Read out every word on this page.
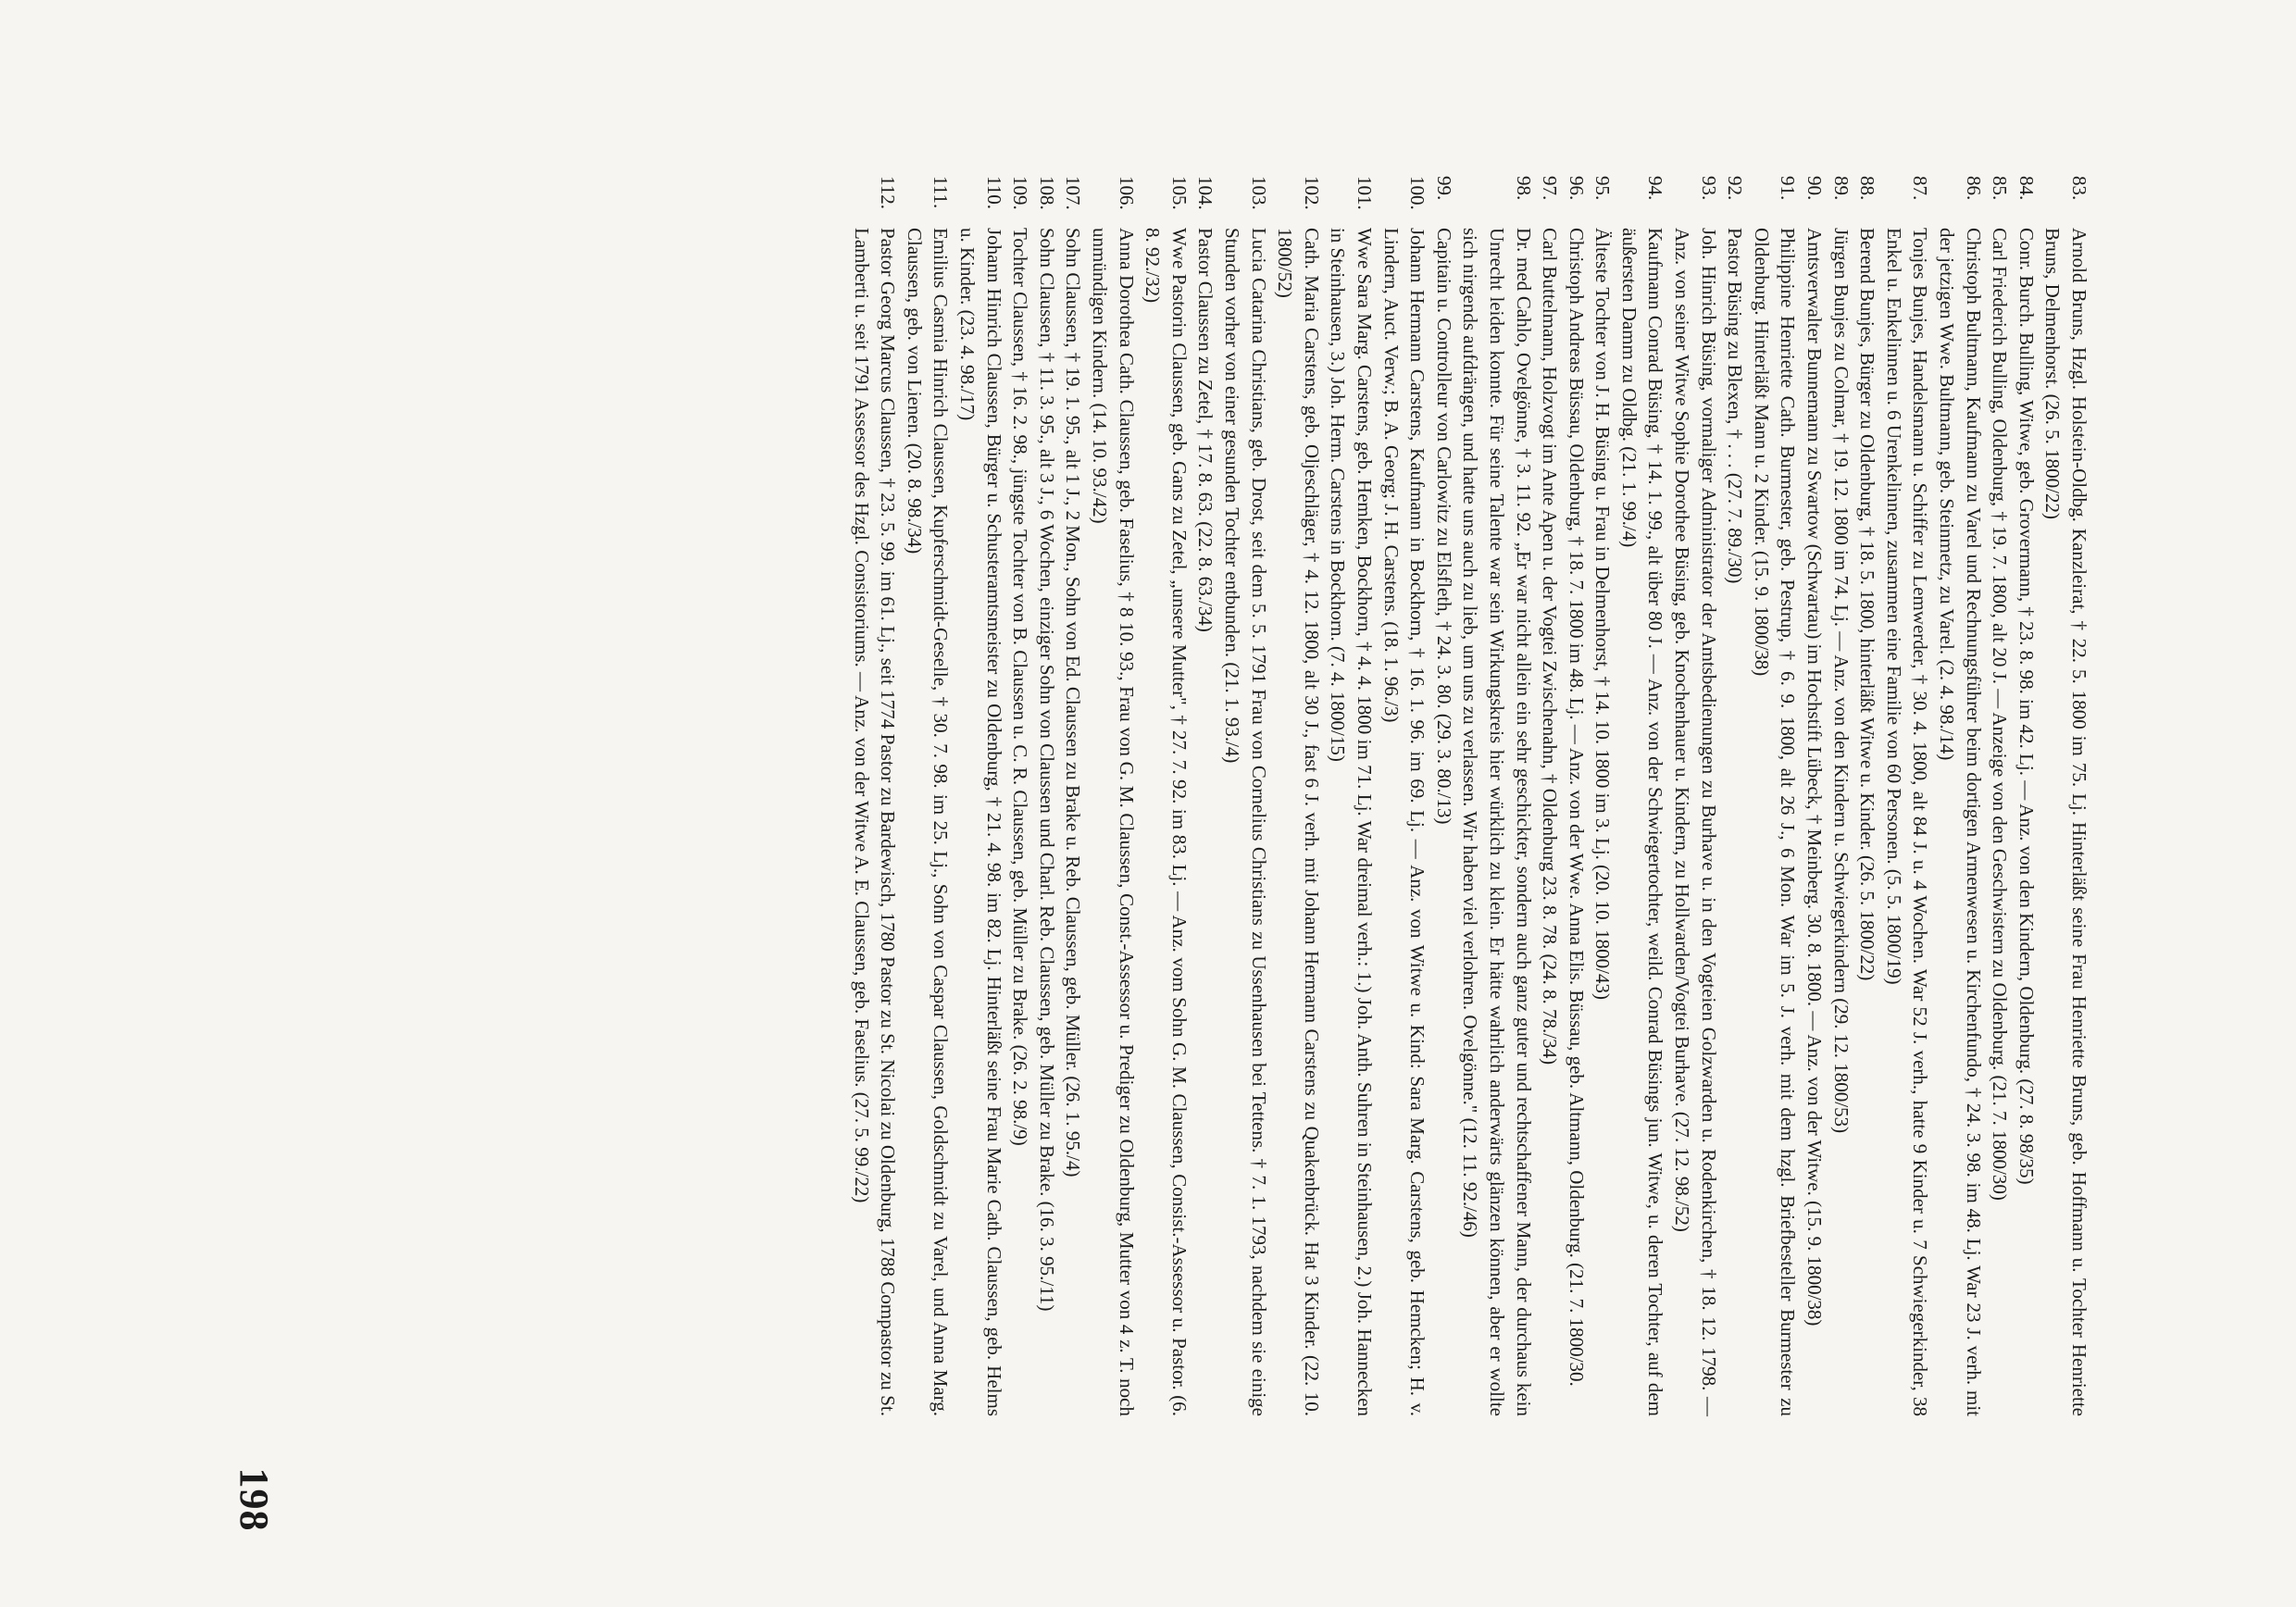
83.
Arnold Bruns, Hzgl. Holstein-Oldbg. Kanzleirat, † 22. 5. 1800 im 75. Lj. Hinterläßt seine Frau Henriette Bruns, geb. Hoffmann u. Tochter Henriette Bruns, Delmenhorst. (26. 5. 1800/22)
84.
Conr. Burch. Bulling, Witwe, geb. Grovermann, † 23. 8. 98. im 42. Lj. — Anz. von den Kindern, Oldenburg. (27. 8. 98/35)
85.
Carl Friederich Bulling, Oldenburg, † 19. 7. 1800, alt 20 J. — Anzeige von den Geschwistern zu Oldenburg. (21. 7. 1800/30)
86.
Christoph Bultmann, Kaufmann zu Varel und Rechnungsführer beim dortigen Armenwesen u. Kirchenfundo, † 24. 3. 98. im 48. Lj. War 23 J. verh. mit der jetzigen Wwe. Bultmann, geb. Steinmetz, zu Varel. (2. 4. 98./14)
87.
Tonjes Bunjes, Handelsmann u. Schiffer zu Lemwerder, † 30. 4. 1800, alt 84 J. u. 4 Wochen. War 52 J. verh., hatte 9 Kinder u. 7 Schwiegerkinder, 38 Enkel u. Enkelinnen u. 6 Urenkelinnen, zusammen eine Familie von 60 Personen. (5. 5. 1800/19)
88.
Berend Bunjes, Bürger zu Oldenburg, † 18. 5. 1800, hinterläßt Witwe u. Kinder. (26. 5. 1800/22)
89.
Jürgen Bunjes zu Colmar, † 19. 12. 1800 im 74. Lj. — Anz. von den Kindern u. Schwiegerkindern (29. 12. 1800/53)
90.
Amtsverwalter Bunnemann zu Swartow (Schwartau) im Hochstift Lübeck, † Meinberg. 30. 8. 1800. — Anz. von der Witwe. (15. 9. 1800/38)
91.
Philippine Henriette Cath. Burmester, geb. Pestrup, † 6. 9. 1800, alt 26 J., 6 Mon. War im 5. J. verh. mit dem hzgl. Briefbesteller Burmester zu Oldenburg. Hinterläßt Mann u. 2 Kinder. (15. 9. 1800/38)
92.
Pastor Büsing zu Blexen, † . . . (27. 7. 89./30)
93.
Joh. Hinrich Büsing, vormaliger Administrator der Amtsbedienungen zu Burhave u. in den Vogteien Golzwarden u. Rodenkirchen, † 18. 12. 1798. — Anz. von seiner Witwe Sophie Dorothee Büsing, geb. Knochenhauer u. Kindern, zu Hollwarden/Vogtei Burhave. (27. 12. 98./52)
94.
Kaufmann Conrad Büsing, † 14. 1. 99., alt über 80 J. — Anz. von der Schwiegertochter, weild. Conrad Büsings jun. Witwe, u. deren Tochter, auf dem äußersten Damm zu Oldbg. (21. 1. 99./4)
95.
Älteste Tochter von J. H. Büsing u. Frau in Delmenhorst, † 14. 10. 1800 im 3. Lj. (20. 10. 1800/43)
96.
Christoph Andreas Büssau, Oldenburg, † 18. 7. 1800 im 48. Lj. — Anz. von der Wwe. Anna Elis. Büssau, geb. Altmann, Oldenburg. (21. 7. 1800/30.
97.
Carl Buttelmann, Holzvogt im Ante Apen u. der Vogtei Zwischenahn, † Oldenburg 23. 8. 78. (24. 8. 78./34)
98.
Dr. med Cahlo, Ovelgönne, † 3. 11. 92. „Er war nicht allein ein sehr geschickter, sondern auch ganz guter und rechtschaffener Mann, der durchaus kein Unrecht leiden konnte. Für seine Talente war sein Wirkungskreis hier würklich zu klein. Er hätte wahrlich anderwärts glänzen können, aber er wollte sich nirgends aufdrängen, und hatte uns auch zu lieb, um uns zu verlassen. Wir haben viel verlohren. Ovelgönne." (12. 11. 92./46)
99.
Capitain u. Controlleur von Carlowitz zu Elsfleth, † 24. 3. 80. (29. 3. 80./13)
100.
Johann Hermann Carstens, Kaufmann in Bockhorn, † 16. 1. 96. im 69. Lj. — Anz. von Witwe u. Kind: Sara Marg. Carstens, geb. Hemcken; H. v. Lindern, Auct. Verw.; B. A. Georg; J. H. Carstens. (18. 1. 96./3)
101.
Wwe Sara Marg. Carstens, geb. Hemken, Bockhorn, † 4. 4. 1800 im 71. Lj. War dreimal verh.: 1.) Joh. Anth. Suhren in Steinhausen, 2.) Joh. Hannecken in Steinhausen, 3.) Joh. Herm. Carstens in Bockhorn. (7. 4. 1800/15)
102.
Cath. Maria Carstens, geb. Oljeschläger, † 4. 12. 1800, alt 30 J., fast 6 J. verh. mit Johann Hermann Carstens zu Quakenbrück. Hat 3 Kinder. (22. 10. 1800/52)
103.
Lucia Catarina Christians, geb. Drost, seit dem 5. 5. 1791 Frau von Cornelius Christians zu Ussenhausen bei Tettens. † 7. 1. 1793, nachdem sie einige Stunden vorher von einer gesunden Tochter entbunden. (21. 1. 93./4)
104.
Pastor Claussen zu Zetel, † 17. 8. 63. (22. 8. 63./34)
105.
Wwe Pastorin Claussen, geb. Gans zu Zetel, „unsere Mutter", † 27. 7. 92. im 83. Lj. — Anz. vom Sohn G. M. Claussen, Consist.-Assessor u. Pastor. (6. 8. 92./32)
106.
Anna Dorothea Cath. Claussen, geb. Faselius, † 8 10. 93., Frau von G. M. Claussen, Const.-Assessor u. Prediger zu Oldenburg, Mutter von 4 z. T. noch unmündigen Kindern. (14. 10. 93./42)
107.
Sohn Claussen, † 19. 1. 95., alt 1 J., 2 Mon., Sohn von Ed. Claussen zu Brake u. Reb. Claussen, geb. Müller. (26. 1. 95./4)
108.
Sohn Claussen, † 11. 3. 95., alt 3 J., 6 Wochen, einziger Sohn von Claussen und Charl. Reb. Claussen, geb. Müller zu Brake. (16. 3. 95./11)
109.
Tochter Claussen, † 16. 2. 98., jüngste Tochter von B. Claussen u. C. R. Claussen, geb. Müller zu Brake. (26. 2. 98./9)
110.
Johann Hinrich Claussen, Bürger u. Schusteramtsmeister zu Oldenburg, † 21. 4. 98. im 82. Lj. Hinterläßt seine Frau Marie Cath. Claussen, geb. Helms u. Kinder. (23. 4. 98./17)
111.
Emilius Casmia Hinrich Claussen, Kupferschmidt-Geselle, † 30. 7. 98. im 25. Lj., Sohn von Caspar Claussen, Goldschmidt zu Varel, und Anna Marg. Claussen, geb. von Lienen. (20. 8. 98./34)
112.
Pastor Georg Marcus Claussen, † 23. 5. 99. im 61. Lj., seit 1774 Pastor zu Bardewisch, 1780 Pastor zu St. Nicolai zu Oldenburg, 1788 Compastor zu St. Lamberti u. seit 1791 Assessor des Hzgl. Consistoriums. — Anz. von der Witwe A. E. Claussen, geb. Faselius. (27. 5. 99./22)
198
